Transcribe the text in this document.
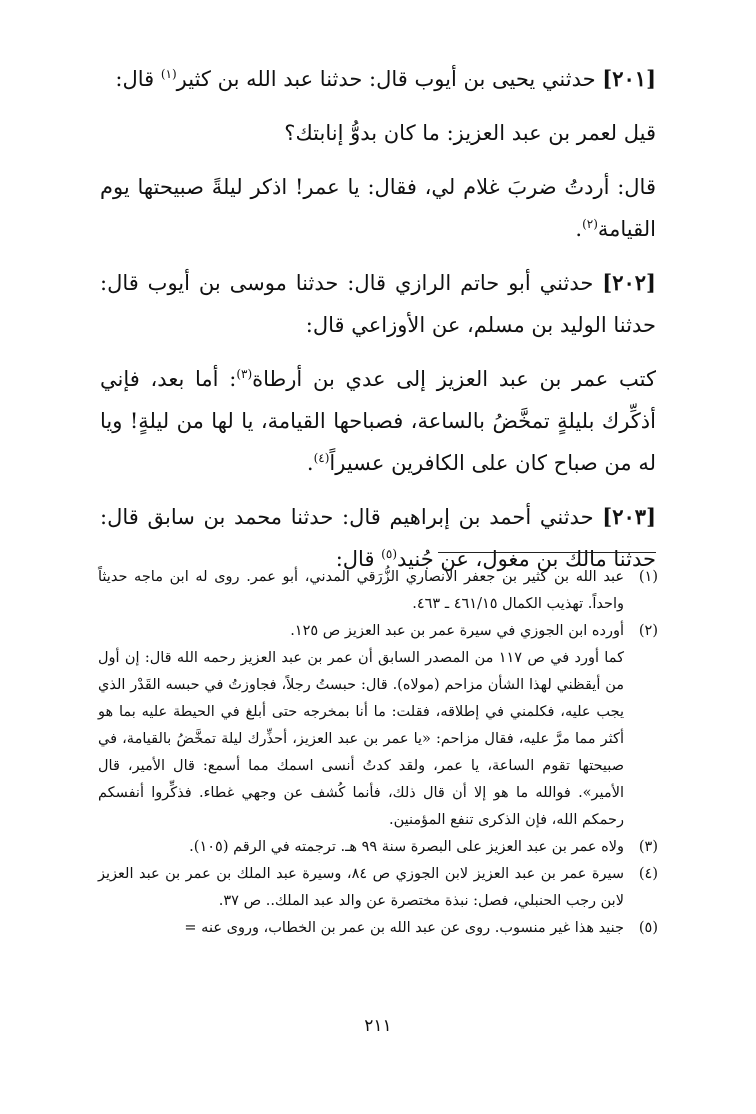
[٢٠١] حدثني يحيى بن أيوب قال: حدثنا عبد الله بن كثير$^{(١)}$ قال:

قيل لعمر بن عبد العزيز: ما كان بدوُّ إنابتك؟

قال: أردتُ ضربَ غلام لي، فقال: يا عمر! اذكر ليلةً صبيحتها يوم القيامة$^{(٢)}$.

[٢٠٢] حدثني أبو حاتم الرازي قال: حدثنا موسى بن أيوب قال: حدثنا الوليد بن مسلم، عن الأوزاعي قال:

كتب عمر بن عبد العزيز إلى عدي بن أرطاة$^{(٣)}$: أما بعد، فإني أذكِّرك بليلةٍ تمخَّضُ بالساعة، فصباحها القيامة، يا لها من ليلةٍ! ويا له من صباح كان على الكافرين عسيراً$^{(٤)}$.

[٢٠٣] حدثني أحمد بن إبراهيم قال: حدثنا محمد بن سابق قال: حدثنا مالك بن مغول، عن جُنيد$^{(٥)}$ قال:

(١)
عبد الله بن كثير بن جعفر الأنصاري الزُّرَقي المدني، أبو عمر. روى له ابن ماجه حديثاً واحداً. تهذيب الكمال ٤٦١/١٥ ـ ٤٦٣.
(٢)
أورده ابن الجوزي في سيرة عمر بن عبد العزيز ص ١٢٥.
كما أورد في ص ١١٧ من المصدر السابق أن عمر بن عبد العزيز رحمه الله قال: إن أول من أيقظني لهذا الشأن مزاحم (مولاه). قال: حبستُ رجلاً، فجاوزتُ في حبسه القَدْر الذي يجب عليه، فكلمني في إطلاقه، فقلت: ما أنا بمخرجه حتى أبلغ في الحيطة عليه بما هو أكثر مما مرَّ عليه، فقال مزاحم: «يا عمر بن عبد العزيز، أحذِّرك ليلة تمخَّضُ بالقيامة، في صبيحتها تقوم الساعة، يا عمر، ولقد كدتُ أنسى اسمك مما أسمع: قال الأمير، قال الأمير». فوالله ما هو إلا أن قال ذلك، فأنما كُشف عن وجهي غطاء. فذكِّروا أنفسكم رحمكم الله، فإن الذكرى تنفع المؤمنين.
(٣)
ولاه عمر بن عبد العزيز على البصرة سنة ٩٩ هـ. ترجمته في الرقم (١٠٥).
(٤)
سيرة عمر بن عبد العزيز لابن الجوزي ص ٨٤، وسيرة عبد الملك بن عمر بن عبد العزيز لابن رجب الحنبلي، فصل: نبذة مختصرة عن والد عبد الملك.. ص ٣٧.
(٥)
جنيد هذا غير منسوب. روى عن عبد الله بن عمر بن الخطاب، وروى عنه =
٢١١
